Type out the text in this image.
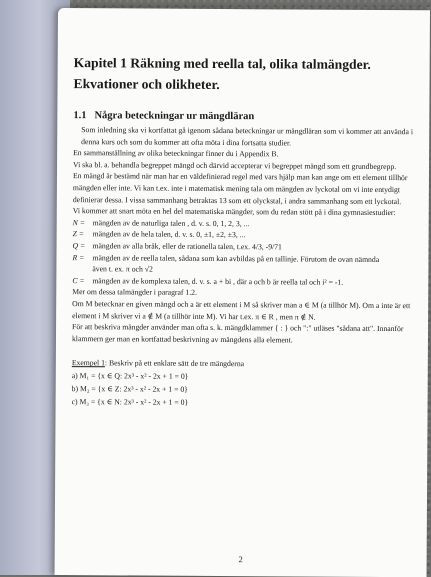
Kapitel 1 Räkning med reella tal, olika talmängder.
Ekvationer och olikheter.
1.1 Några beteckningar ur mängdläran

Som inledning ska vi kortfattat gå igenom sådana beteckningar ur mängdläran som vi kommer att använda i denna kurs och som du kommer att ofta möta i dina fortsatta studier.

En sammanställning av olika beteckningar finner du i Appendix B.

Vi ska bl. a. behandla begreppet mängd och därvid accepterar vi begreppet mängd som ett grundbegrepp.

En mängd är bestämd när man har en väldefinierad regel med vars hjälp man kan ange om ett element tillhör mängden eller inte. Vi kan t.ex. inte i matematisk mening tala om mängden av lyckotal om vi inte entydigt definierar dessa. I vissa sammanhang betraktas 13 som ett olyckstal, i andra sammanhang som ett lyckotal.

Vi kommer att snart möta en hel del matematiska mängder, som du redan stött på i dina gymnasiestudier:

N = mängden av de naturliga talen , d. v. s. 0, 1, 2, 3, ...
Z =	mängden av de hela talen, d. v. s. 0, ±1, ±2, ±3, ...
Q = mängden av alla bråk, eller de rationella talen, t.ex. 4/3, -9/71
R =	mängden av de reella talen, sådana som kan avbildas på en tallinje. Förutom de ovan nämnda
även t. ex. π och √2
C = mängden av de komplexa talen, d. v. s. a + bi , där a och b är reella tal och i² = -1.

Mer om dessa talmängder i paragraf 1.2.

Om M betecknar en given mängd och a är ett element i M så skriver man a ∈ M (a tillhör M). Om a inte är ett element i M skriver vi a ∉ M (a tillhör inte M). Vi har t.ex. π ∈ R , men π ∉ N.

För att beskriva mängder använder man ofta s. k. mängdklammer { : } och ":" utläses "sådana att". Innanför klammern ger man en kortfattad beskrivning av mängdens alla element.

Exempel 1: Beskriv på ett enklare sätt de tre mängderna
a) M₁ = {x ∈ Q: 2x³ - x² - 2x + 1 = 0}
b) M₂ = {x ∈ Z: 2x³ - x² - 2x + 1 = 0}
c) M₃ = {x ∈ N: 2x³ - x² - 2x + 1 = 0}
2
